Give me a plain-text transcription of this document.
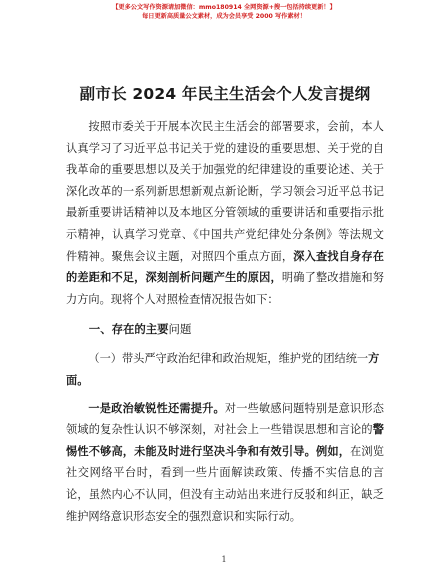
【更多公文写作资源请加微信：mmo180914 全网资源+搜一包括持续更新！】
每日更新高质量公文素材，成为会员享受 2000 写作素材！
副市长 2024 年民主生活会个人发言提纲

按照市委关于开展本次民主生活会的部署要求，会前，本人认真学习了习近平总书记关于党的建设的重要思想、关于党的自我革命的重要思想以及关于加强党的纪律建设的重要论述、关于深化改革的一系列新思想新观点新论断，学习领会习近平总书记最新重要讲话精神以及本地区分管领域的重要讲话和重要指示批示精神，认真学习党章、《中国共产党纪律处分条例》等法规文件精神。聚焦会议主题，对照四个重点方面，深入查找自身存在的差距和不足，深刻剖析问题产生的原因，明确了整改措施和努力方向。现将个人对照检查情况报告如下：

一、存在的主要问题

（一）带头严守政治纪律和政治规矩，维护党的团结统一方面。

一是政治敏锐性还需提升。对一些敏感问题特别是意识形态领域的复杂性认识不够深刻，对社会上一些错误思想和言论的警惕性不够高，未能及时进行坚决斗争和有效引导。例如，在浏览社交网络平台时，看到一些片面解读政策、传播不实信息的言论，虽然内心不认同，但没有主动站出来进行反驳和纠正，缺乏维护网络意识形态安全的强烈意识和实际行动。

1
